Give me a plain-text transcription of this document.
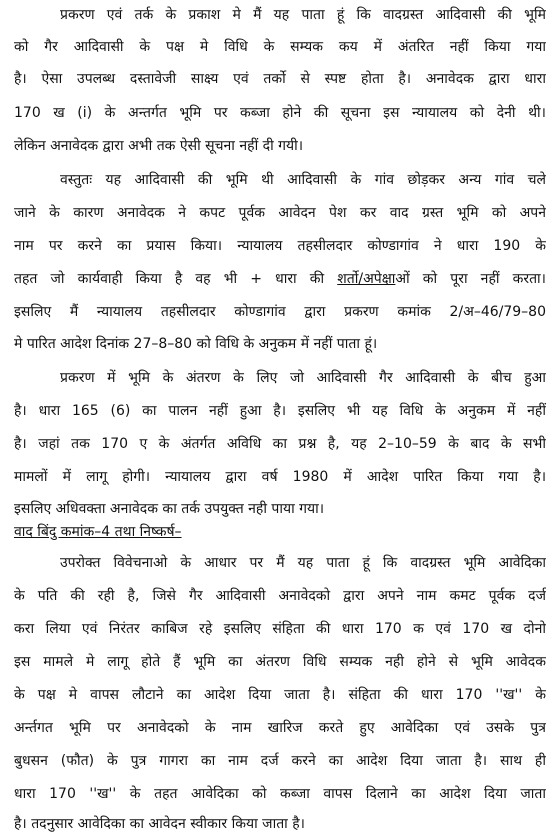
प्रकरण एवं तर्क के प्रकाश मे मैं यह पाता हूं कि वादग्रस्त आदिवासी की भूमि
को गैर आदिवासी के पक्ष मे विधि के सम्यक कय में अंतरित नहीं किया गया
है। ऐसा उपलब्ध दस्तावेजी साक्ष्य एवं तर्को से स्पष्ट होता है। अनावेदक द्वारा धारा
170 ख (i) के अन्तर्गत भूमि पर कब्जा होने की सूचना इस न्यायालय को देनी थी।
लेकिन अनावेदक द्वारा अभी तक ऐसी सूचना नहीं दी गयी।
वस्तुतः यह आदिवासी की भूमि थी आदिवासी के गांव छोड़कर अन्य गांव चले
जाने के कारण अनावेदक ने कपट पूर्वक आवेदन पेश कर वाद ग्रस्त भूमि को अपने
नाम पर करने का प्रयास किया। न्यायालय तहसीलदार कोण्डागांव ने धारा 190 के
तहत जो कार्यवाही किया है वह भी + धारा की शर्तो/अपेक्षाओं को पूरा नहीं करता।
इसलिए मैं न्यायालय तहसीलदार कोण्डागांव द्वारा प्रकरण कमांक 2/अ–46/79–80
मे पारित आदेश दिनांक 27–8–80 को विधि के अनुकम में नहीं पाता हूं।
प्रकरण में भूमि के अंतरण के लिए जो आदिवासी गैर आदिवासी के बीच हुआ
है। धारा 165 (6) का पालन नहीं हुआ है। इसलिए भी यह विधि के अनुकम में नहीं
है। जहां तक 170 ए के अंतर्गत अविधि का प्रश्न है, यह 2–10–59 के बाद के सभी
मामलों में लागू होगी। न्यायालय द्वारा वर्ष 1980 में आदेश पारित किया गया है।
इसलिए अधिवक्ता अनावेदक का तर्क उपयुक्त नही पाया गया।
वाद बिंदु कमांक–4 तथा निष्कर्ष–
उपरोक्त विवेचनाओ के आधार पर मैं यह पाता हूं कि वादग्रस्त भूमि आवेदिका
के पति की रही है, जिसे गैर आदिवासी अनावेदको द्वारा अपने नाम कमट पूर्वक दर्ज
करा लिया एवं निरंतर काबिज रहे इसलिए संहिता की धारा 170 क एवं 170 ख दोनो
इस मामले मे लागू होते हैं भूमि का अंतरण विधि सम्यक नही होने से भूमि आवेदक
के पक्ष मे वापस लौटाने का आदेश दिया जाता है। संहिता की धारा 170 ''ख'' के
अर्न्तगत भूमि पर अनावेदको के नाम खारिज करते हुए आवेदिका एवं उसके पुत्र
बुधसन (फौत) के पुत्र गागरा का नाम दर्ज करने का आदेश दिया जाता है। साथ ही
धारा 170 ''ख'' के तहत आवेदिका को कब्जा वापस दिलाने का आदेश दिया जाता
है। तदनुसार आवेदिका का आवेदन स्वीकार किया जाता है।
